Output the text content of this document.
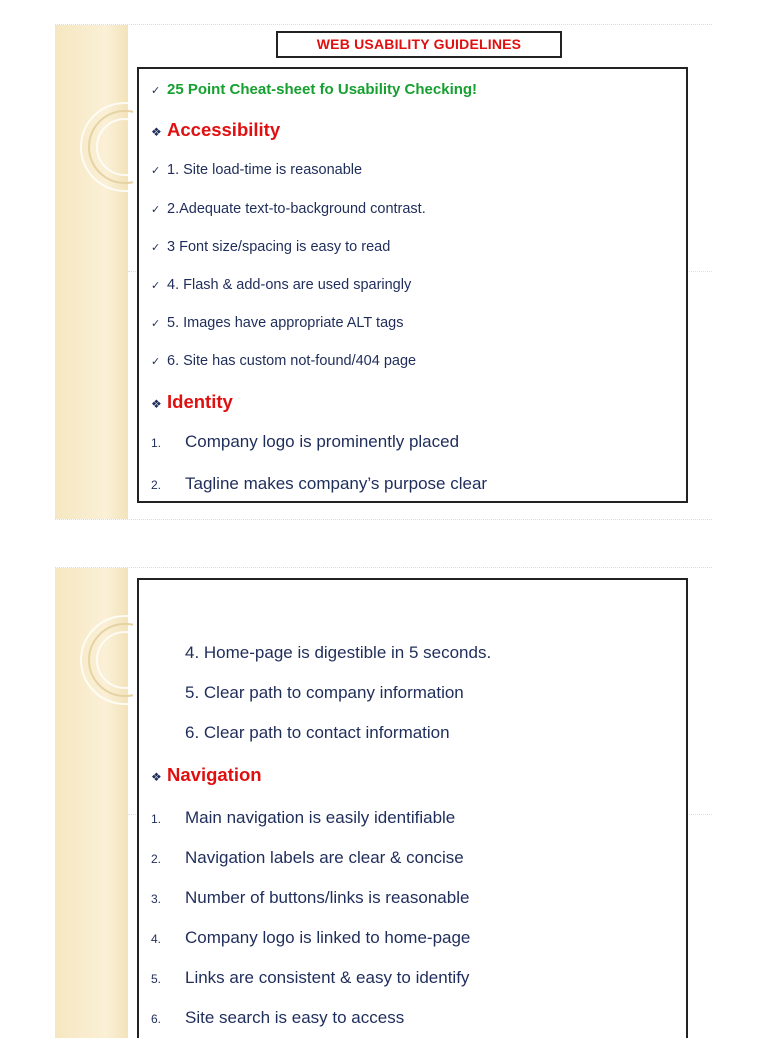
WEB USABILITY GUIDELINES
✓ 25 Point Cheat-sheet fo Usability Checking!
❖ Accessibility
✓ 1. Site load-time is reasonable
✓ 2.Adequate text-to-background contrast.
✓ 3 Font size/spacing is easy to read
✓ 4. Flash & add-ons are used sparingly
✓ 5. Images have appropriate ALT tags
✓ 6. Site has custom not-found/404 page
❖ Identity
1. Company logo is prominently placed
2. Tagline makes company’s purpose clear
4. Home-page is digestible in 5 seconds.
5. Clear path to company information
6. Clear path to contact information
❖ Navigation
1. Main navigation is easily identifiable
2. Navigation labels are clear & concise
3. Number of buttons/links is reasonable
4. Company logo is linked to home-page
5. Links are consistent & easy to identify
6. Site search is easy to access
